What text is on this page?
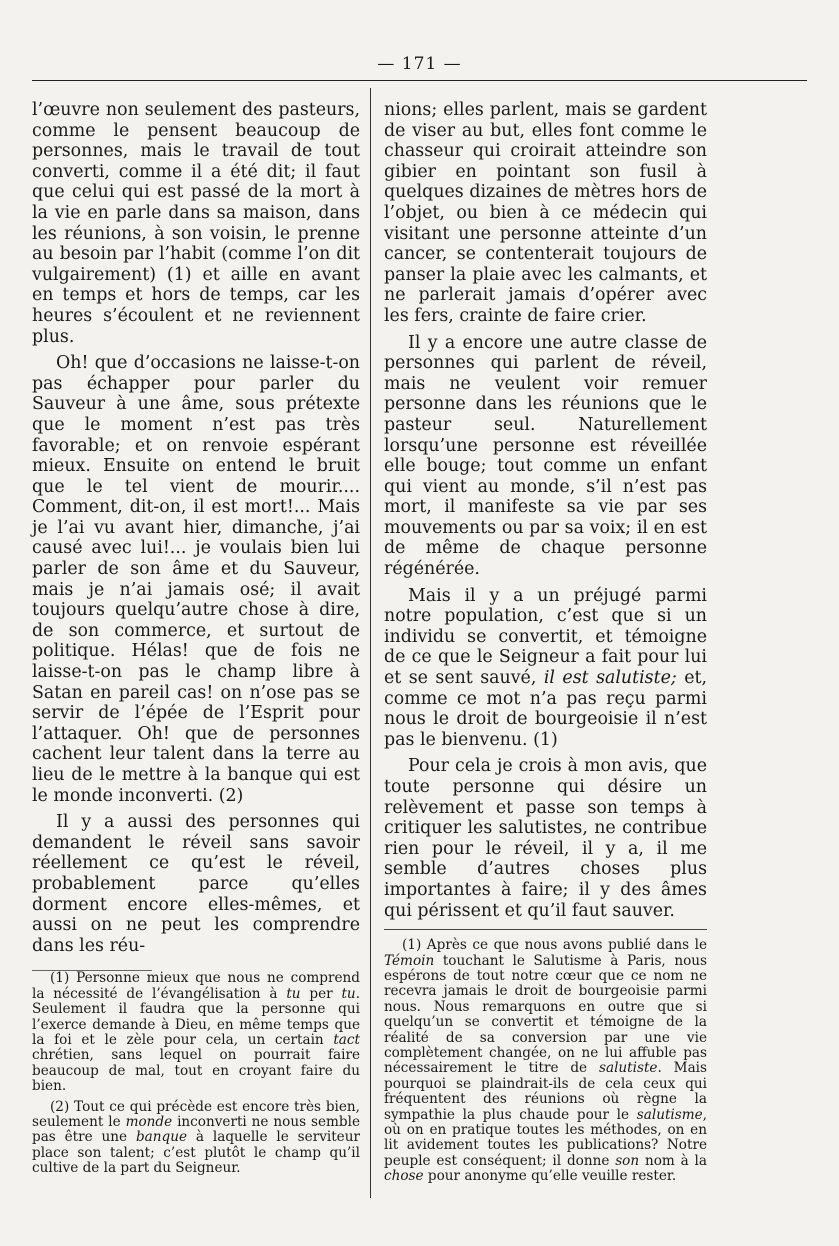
— 171 —

l’œuvre non seulement des pasteurs, comme le pensent beaucoup de personnes, mais le travail de tout converti, comme il a été dit; il faut que celui qui est passé de la mort à la vie en parle dans sa maison, dans les réunions, à son voisin, le prenne au besoin par l’habit (comme l’on dit vulgairement) (1) et aille en avant en temps et hors de temps, car les heures s’écoulent et ne reviennent plus.

Oh! que d’occasions ne laisse-t-on pas échapper pour parler du Sauveur à une âme, sous prétexte que le moment n’est pas très favorable; et on renvoie espérant mieux. Ensuite on entend le bruit que le tel vient de mourir.... Comment, dit-on, il est mort!... Mais je l’ai vu avant hier, dimanche, j’ai causé avec lui!... je voulais bien lui parler de son âme et du Sauveur, mais je n’ai jamais osé; il avait toujours quelqu’autre chose à dire, de son commerce, et surtout de politique. Hélas! que de fois ne laisse-t-on pas le champ libre à Satan en pareil cas! on n’ose pas se servir de l’épée de l’Esprit pour l’attaquer. Oh! que de personnes cachent leur talent dans la terre au lieu de le mettre à la banque qui est le monde inconverti. (2)

Il y a aussi des personnes qui demandent le réveil sans savoir réellement ce qu’est le réveil, probablement parce qu’elles dorment encore elles-mêmes, et aussi on ne peut les comprendre dans les réu-

(1) Personne mieux que nous ne comprend la nécessité de l’évangélisation à tu per tu. Seulement il faudra que la personne qui l’exerce demande à Dieu, en même temps que la foi et le zèle pour cela, un certain tact chrétien, sans lequel on pourrait faire beaucoup de mal, tout en croyant faire du bien.

(2) Tout ce qui précède est encore très bien, seulement le monde inconverti ne nous semble pas être une banque à laquelle le serviteur place son talent; c’est plutôt le champ qu’il cultive de la part du Seigneur.

nions; elles parlent, mais se gardent de viser au but, elles font comme le chasseur qui croirait atteindre son gibier en pointant son fusil à quelques dizaines de mètres hors de l’objet, ou bien à ce médecin qui visitant une personne atteinte d’un cancer, se contenterait toujours de panser la plaie avec les calmants, et ne parlerait jamais d’opérer avec les fers, crainte de faire crier.

Il y a encore une autre classe de personnes qui parlent de réveil, mais ne veulent voir remuer personne dans les réunions que le pasteur seul. Naturellement lorsqu’une personne est réveillée elle bouge; tout comme un enfant qui vient au monde, s’il n’est pas mort, il manifeste sa vie par ses mouvements ou par sa voix; il en est de même de chaque personne régénérée.

Mais il y a un préjugé parmi notre population, c’est que si un individu se convertit, et témoigne de ce que le Seigneur a fait pour lui et se sent sauvé, il est salutiste; et, comme ce mot n’a pas reçu parmi nous le droit de bourgeoisie il n’est pas le bienvenu. (1)

Pour cela je crois à mon avis, que toute personne qui désire un relèvement et passe son temps à critiquer les salutistes, ne contribue rien pour le réveil, il y a, il me semble d’autres choses plus importantes à faire; il y des âmes qui périssent et qu’il faut sauver.

(1) Après ce que nous avons publié dans le Témoin touchant le Salutisme à Paris, nous espérons de tout notre cœur que ce nom ne recevra jamais le droit de bourgeoisie parmi nous. Nous remarquons en outre que si quelqu’un se convertit et témoigne de la réalité de sa conversion par une vie complètement changée, on ne lui affuble pas nécessairement le titre de salutiste. Mais pourquoi se plaindrait-ils de cela ceux qui fréquentent des réunions où règne la sympathie la plus chaude pour le salutisme, où on en pratique toutes les méthodes, on en lit avidement toutes les publications? Notre peuple est conséquent; il donne son nom à la chose pour anonyme qu’elle veuille rester.
